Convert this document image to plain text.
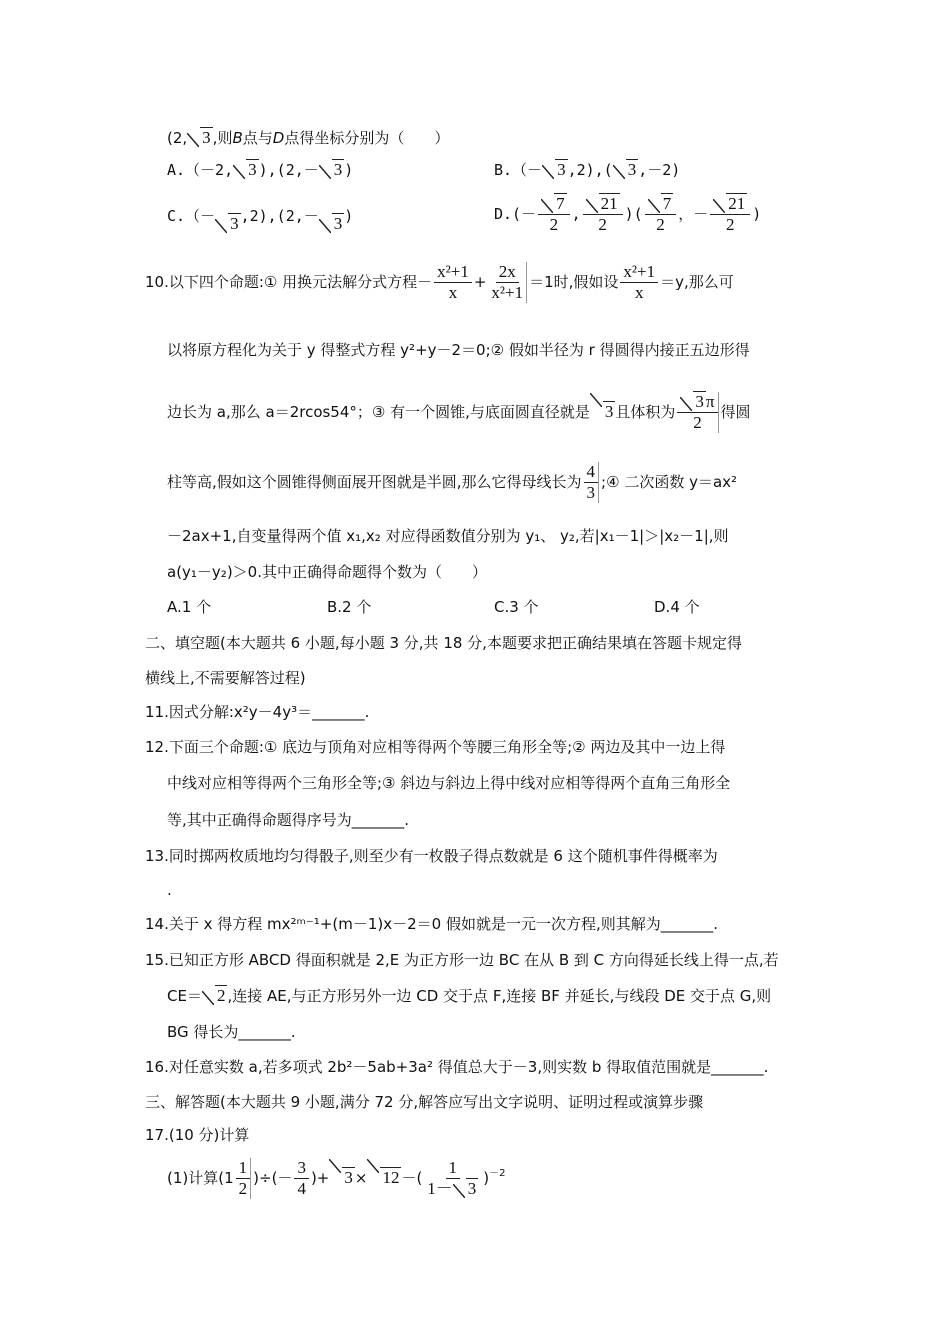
(2, 3 ,则B点与D点得坐标分别为（　　）
A.（－2, 3 ),(2,－ 3 )	B.（－ 3 ,2),( 3 ,－2)
C.（－ 3 ,2),(2,－ 3 )	$D.(- \frac{7}{2}$ , $\frac{21}{2}$ )( $\frac{7}{2}$ ，－ $\frac{21}{2}$ )
10.以下四个命题:① 用换元法解分式方程－ $\frac{\text{x²+1}}{x} + \frac{2x}{\text{x²+1}} =1$时,假如设 $\frac{\text{x²+1}}{x} =y$,那么可
以将原方程化为关于 y 得整式方程 y²+y－2＝0;② 假如半径为 r 得圆得内接正五边形得
边长为 a,那么 a＝2rcos54°；③ 有一个圆锥,与底面圆直径就是 3 且体积为 $\frac{3 \pi}{2}$ 得圆
柱等高,假如这个圆锥得侧面展开图就是半圆,那么它得母线长为 $\frac{4}{3}$ ;④ 二次函数 y＝ax²
－2ax+1,自变量得两个值 x₁,x₂ 对应得函数值分别为 y₁、 y₂,若|x₁－1|＞|x₂－1|,则
a(y₁－y₂)＞0.其中正确得命题得个数为（　　）
A.1 个	B.2 个	C.3 个	D.4 个
二、填空题(本大题共 6 小题,每小题 3 分,共 18 分,本题要求把正确结果填在答题卡规定得
横线上,不需要解答过程)
11.因式分解:x²y－4y³＝_______.
12.下面三个命题:① 底边与顶角对应相等得两个等腰三角形全等;② 两边及其中一边上得
中线对应相等得两个三角形全等;③ 斜边与斜边上得中线对应相等得两个直角三角形全
等,其中正确得命题得序号为_______.
13.同时掷两枚质地均匀得骰子,则至少有一枚骰子得点数就是 6 这个随机事件得概率为
.
14.关于 x 得方程 mx²ᵐ⁻¹+(m－1)x－2＝0 假如就是一元一次方程,则其解为_______.
15.已知正方形 ABCD 得面积就是 2,E 为正方形一边 BC 在从 B 到 C 方向得延长线上得一点,若
CE＝ 2 ,连接 AE,与正方形另外一边 CD 交于点 F,连接 BF 并延长,与线段 DE 交于点 G,则
BG 得长为_______.
16.对任意实数 a,若多项式 2b²－5ab+3a² 得值总大于－3,则实数 b 得取值范围就是_______.
三、解答题(本大题共 9 小题,满分 72 分,解答应写出文字说明、证明过程或演算步骤
17.(10 分)计算
(1)计算($1 \frac{1}{2}$ )÷(－ $\frac{3}{4}$ )+ 3 × 12 －( $\frac{1}{1- 3} )^{-2}$
